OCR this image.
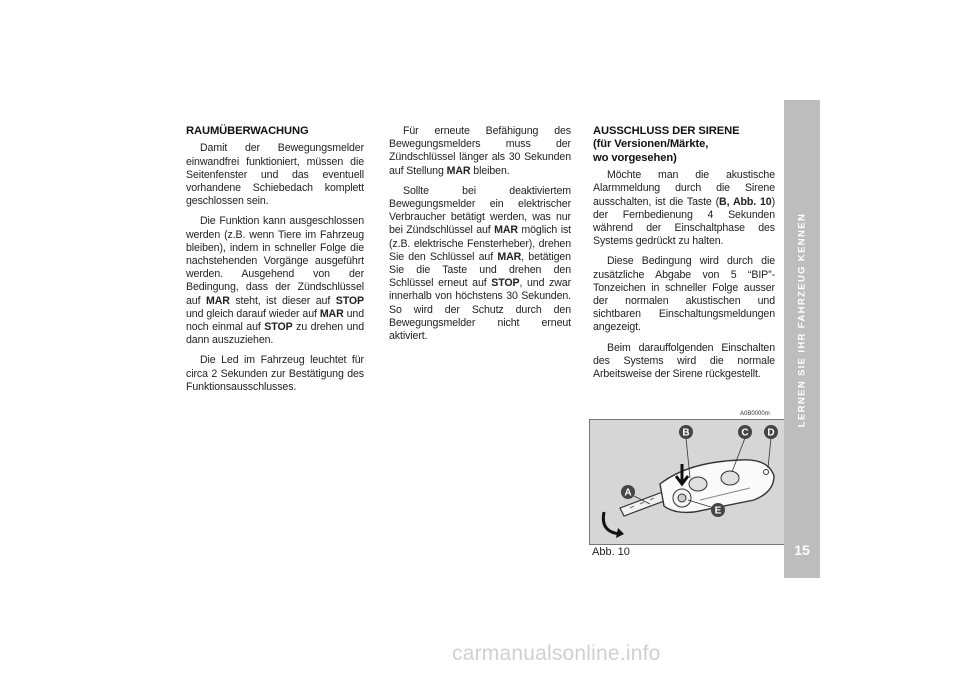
RAUMÜBERWACHUNG

Damit der Bewegungsmelder einwandfrei funktioniert, müssen die Seitenfenster und das eventuell vorhandene Schiebedach komplett geschlossen sein.

Die Funktion kann ausgeschlossen werden (z.B. wenn Tiere im Fahrzeug bleiben), indem in schneller Folge die nachstehenden Vorgänge ausgeführt werden. Ausgehend von der Bedingung, dass der Zündschlüssel auf MAR steht, ist dieser auf STOP und gleich darauf wieder auf MAR und noch einmal auf STOP zu drehen und dann auszuziehen.

Die Led im Fahrzeug leuchtet für circa 2 Sekunden zur Bestätigung des Funktionsausschlusses.

Für erneute Befähigung des Bewegungsmelders muss der Zündschlüssel länger als 30 Sekunden auf Stellung MAR bleiben.

Sollte bei deaktiviertem Bewegungsmelder ein elektrischer Verbraucher betätigt werden, was nur bei Zündschlüssel auf MAR möglich ist (z.B. elektrische Fensterheber), drehen Sie den Schlüssel auf MAR, betätigen Sie die Taste und drehen den Schlüssel erneut auf STOP, und zwar innerhalb von höchstens 30 Sekunden. So wird der Schutz durch den Bewegungsmelder nicht erneut aktiviert.

AUSSCHLUSS DER SIRENE
(für Versionen/Märkte,
wo vorgesehen)

Möchte man die akustische Alarmmeldung durch die Sirene ausschalten, ist die Taste (B, Abb. 10) der Fernbedienung 4 Sekunden während der Einschaltphase des Systems gedrückt zu halten.

Diese Bedingung wird durch die zusätzliche Abgabe von 5 “BIP”-Tonzeichen in schneller Folge ausser der normalen akustischen und sichtbaren Einschaltungsmeldungen angezeigt.

Beim darauffolgenden Einschalten des Systems wird die normale Arbeitsweise der Sirene rückgestellt.

A0B0000m
A
B	C D
E
Abb. 10
LERNEN SIE IHR FAHRZEUG KENNEN
15
carmanualsonline.info
